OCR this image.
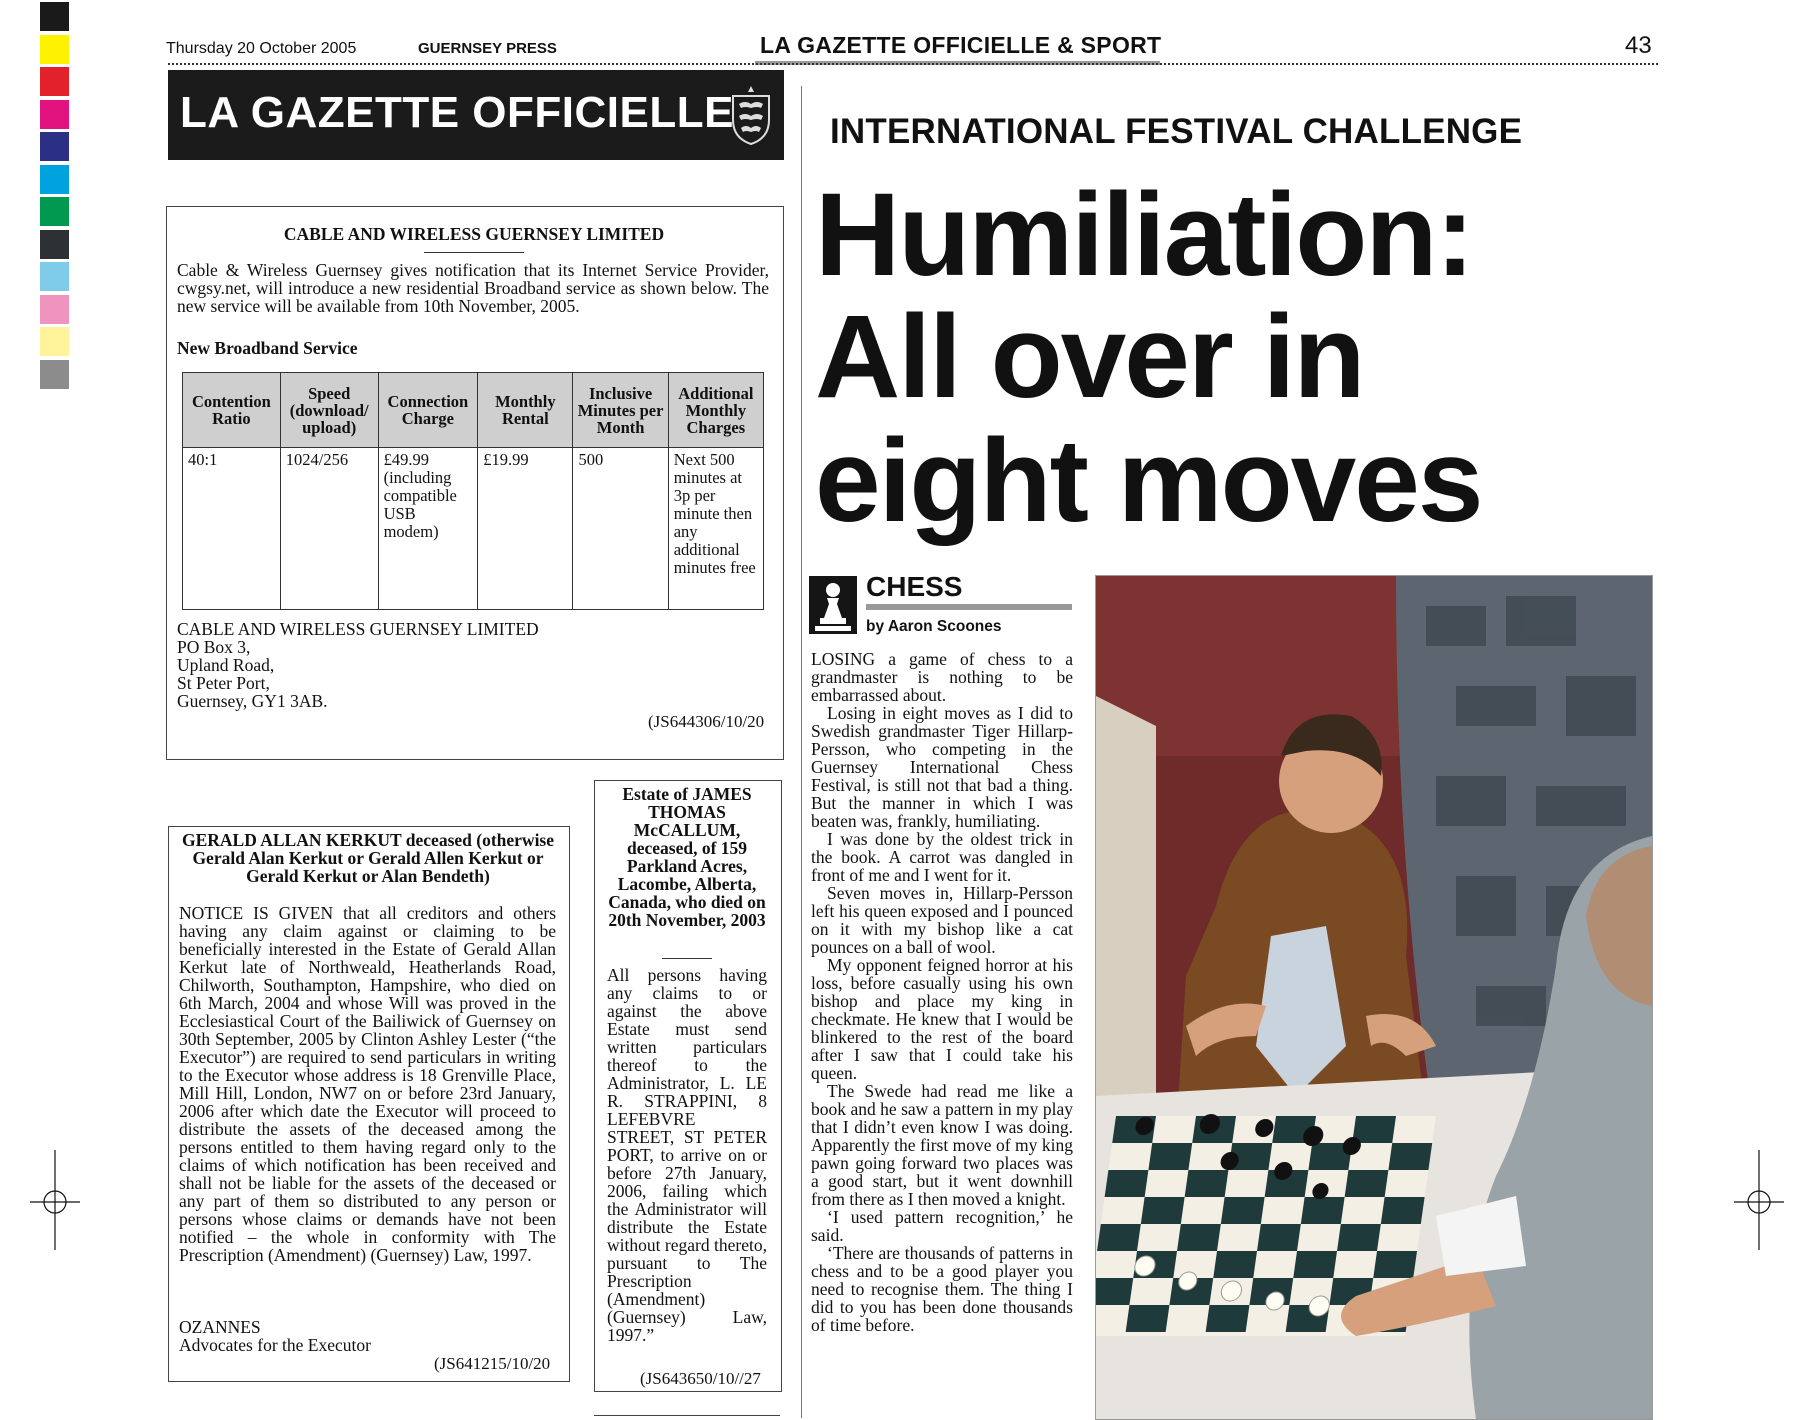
Thursday 20 October 2005	GUERNSEY PRESS	LA GAZETTE OFFICIELLE & SPORT	43
LA GAZETTE OFFICIELLE
CABLE AND WIRELESS GUERNSEY LIMITED
Cable & Wireless Guernsey gives notification that its Internet Service Provider, cwgsy.net, will introduce a new residential Broadband service as shown below. The new service will be available from 10th November, 2005.
New Broadband Service
Contention Ratio	Speed (download/ upload)	Connection Charge	Monthly Rental	Inclusive Minutes per Month	Additional Monthly Charges
40:1	1024/256	£49.99 (including compatible USB modem)	£19.99	500	Next 500 minutes at 3p per minute then any additional minutes free
CABLE AND WIRELESS GUERNSEY LIMITED
PO Box 3,
Upland Road,
St Peter Port,
Guernsey, GY1 3AB.
(JS644306/10/20
GERALD ALLAN KERKUT deceased (otherwise Gerald Alan Kerkut or Gerald Allen Kerkut or Gerald Kerkut or Alan Bendeth)
NOTICE IS GIVEN that all creditors and others having any claim against or claiming to be beneficially interested in the Estate of Gerald Allan Kerkut late of Northweald, Heatherlands Road, Chilworth, Southampton, Hampshire, who died on 6th March, 2004 and whose Will was proved in the Ecclesiastical Court of the Bailiwick of Guernsey on 30th September, 2005 by Clinton Ashley Lester (“the Executor”) are required to send particulars in writing to the Executor whose address is 18 Grenville Place, Mill Hill, London, NW7 on or before 23rd January, 2006 after which date the Executor will proceed to distribute the assets of the deceased among the persons entitled to them having regard only to the claims of which notification has been received and shall not be liable for the assets of the deceased or any part of them so distributed to any person or persons whose claims or demands have not been notified – the whole in conformity with The Prescription (Amendment) (Guernsey) Law, 1997.
OZANNES
Advocates for the Executor
(JS641215/10/20
Estate of JAMES THOMAS McCALLUM, deceased, of 159 Parkland Acres, Lacombe, Alberta, Canada, who died on 20th November, 2003
All persons having any claims to or against the above Estate must send written particulars thereof to the Administrator, L. LE R. STRAPPINI, 8 LEFEBVRE STREET, ST PETER PORT, to arrive on or before 27th January, 2006, failing which the Administrator will distribute the Estate without regard thereto, pursuant to The Prescription (Amendment) (Guernsey) Law, 1997.”
(JS643650/10//27
INTERNATIONAL FESTIVAL CHALLENGE
Humiliation:
All over in
eight moves
CHESS
by Aaron Scoones

LOSING a game of chess to a grandmaster is nothing to be embarrassed about.

Losing in eight moves as I did to Swedish grandmaster Tiger Hillarp-Persson, who competing in the Guernsey International Chess Festival, is still not that bad a thing. But the manner in which I was beaten was, frankly, humiliating.

I was done by the oldest trick in the book. A carrot was dangled in front of me and I went for it.

Seven moves in, Hillarp-Persson left his queen exposed and I pounced on it with my bishop like a cat pounces on a ball of wool.

My opponent feigned horror at his loss, before casually using his own bishop and place my king in checkmate. He knew that I would be blinkered to the rest of the board after I saw that I could take his queen.

The Swede had read me like a book and he saw a pattern in my play that I didn’t even know I was doing. Apparently the first move of my king pawn going forward two places was a good start, but it went downhill from there as I then moved a knight.

‘I used pattern recognition,’ he said.

‘There are thousands of patterns in chess and to be a good player you need to recognise them. The thing I did to you has been done thousands of time before.
